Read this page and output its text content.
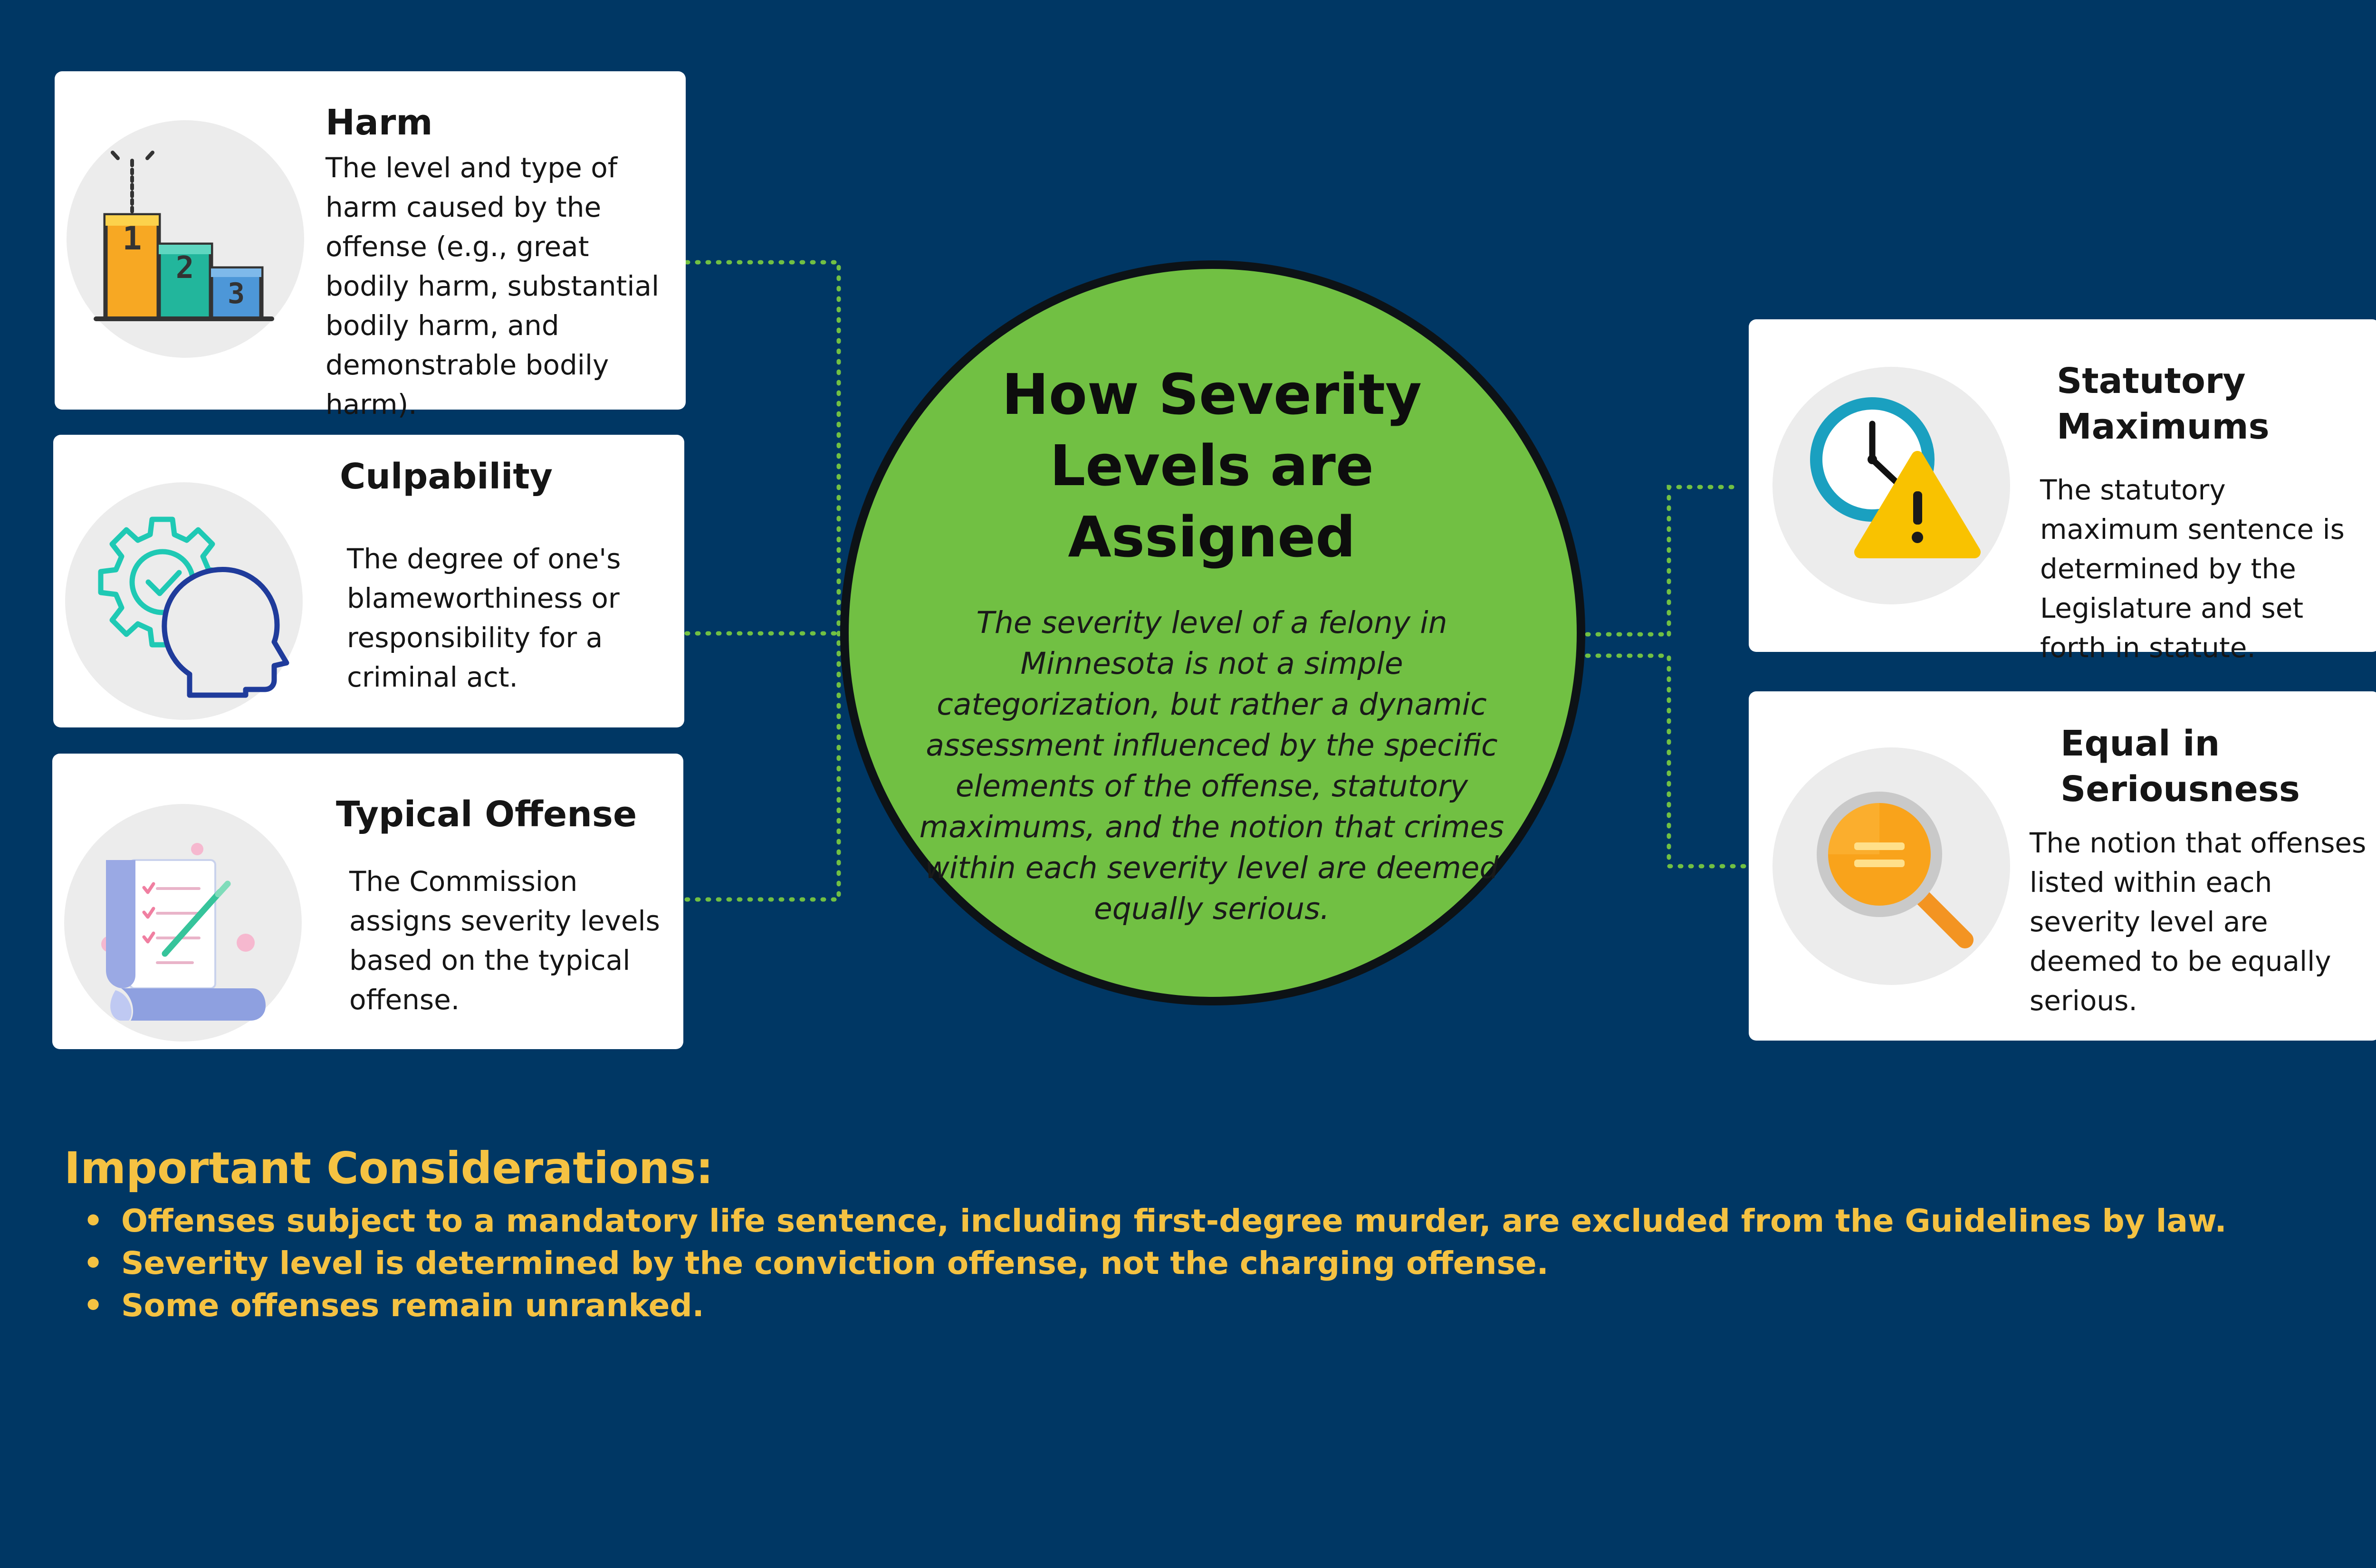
1
2
3
Harm
The level and type of harm caused by the offense (e.g., great bodily harm, substantial bodily harm, and demonstrable bodily harm).
Culpability
The degree of one's blameworthiness or responsibility for a criminal act.
Typical Offense
The Commission assigns severity levels based on the typical offense.
Statutory Maximums
The statutory maximum sentence is determined by the Legislature and set forth in statute.
Equal in Seriousness
The notion that offenses listed within each severity level are deemed to be equally serious.
How Severity Levels are Assigned
The severity level of a felony in Minnesota is not a simple categorization, but rather a dynamic assessment influenced by the specific elements of the offense, statutory maximums, and the notion that crimes within each severity level are deemed equally serious.
Important Considerations:
• Offenses subject to a mandatory life sentence, including first-degree murder, are excluded from the Guidelines by law.
• Severity level is determined by the conviction offense, not the charging offense.
• Some offenses remain unranked.
